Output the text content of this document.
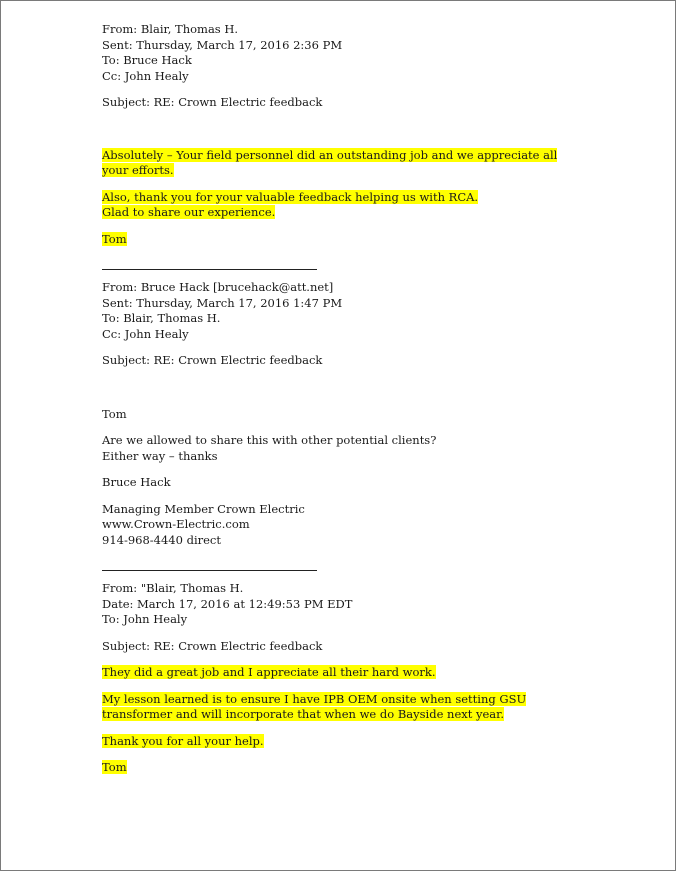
From: Blair, Thomas H.
Sent: Thursday, March 17, 2016 2:36 PM
To: Bruce Hack
Cc: John Healy
Subject: RE: Crown Electric feedback
Absolutely – Your field personnel did an outstanding job and we appreciate all your efforts.
Also, thank you for your valuable feedback helping us with RCA.
Glad to share our experience.
Tom
From: Bruce Hack [brucehack@att.net]
Sent: Thursday, March 17, 2016 1:47 PM
To: Blair, Thomas H.
Cc: John Healy
Subject: RE: Crown Electric feedback
Tom
Are we allowed to share this with other potential clients?
Either way – thanks
Bruce Hack
Managing Member Crown Electric
www.Crown-Electric.com
914-968-4440 direct
From: "Blair, Thomas H.
Date: March 17, 2016 at 12:49:53 PM EDT
To: John Healy
Subject: RE: Crown Electric feedback
They did a great job and I appreciate all their hard work.
My lesson learned is to ensure I have IPB OEM onsite when setting GSU transformer and will incorporate that when we do Bayside next year.
Thank you for all your help.
Tom
